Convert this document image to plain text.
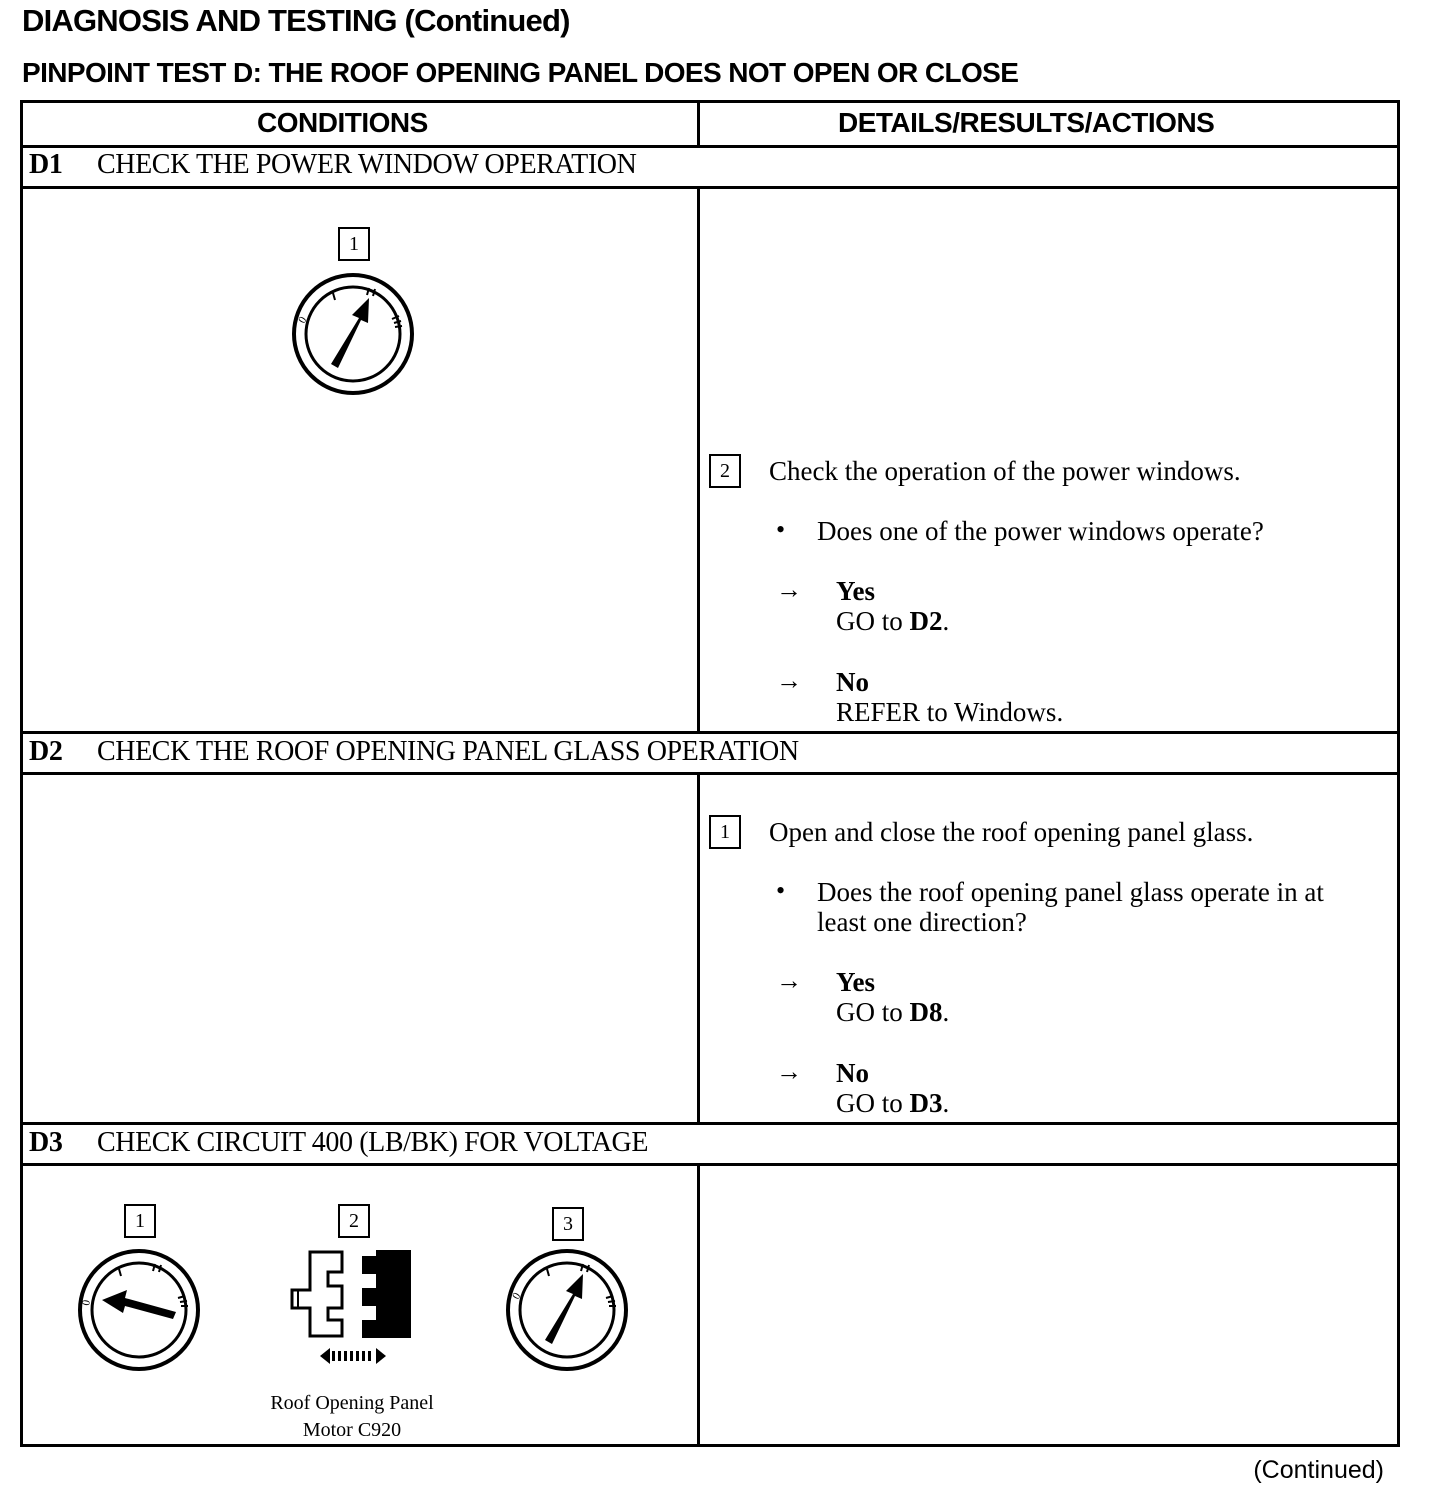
DIAGNOSIS AND TESTING (Continued)
PINPOINT TEST D: THE ROOF OPENING PANEL DOES NOT OPEN OR CLOSE
CONDITIONS	DETAILS/RESULTS/ACTIONS
D1 CHECK THE POWER WINDOW OPERATION
1
0
2	Check the operation of the power windows.
• Does one of the power windows operate?
→ Yes
GO to D2.
→ No
REFER to Windows.
D2 CHECK THE ROOF OPENING PANEL GLASS OPERATION
1	Open and close the roof opening panel glass.
• Does the roof opening panel glass operate in at
least one direction?
→ Yes
GO to D8.
→ No
GO to D3.
D3 CHECK CIRCUIT 400 (LB/BK) FOR VOLTAGE
1
0
2
Roof Opening Panel
Motor C920
3
0
(Continued)
